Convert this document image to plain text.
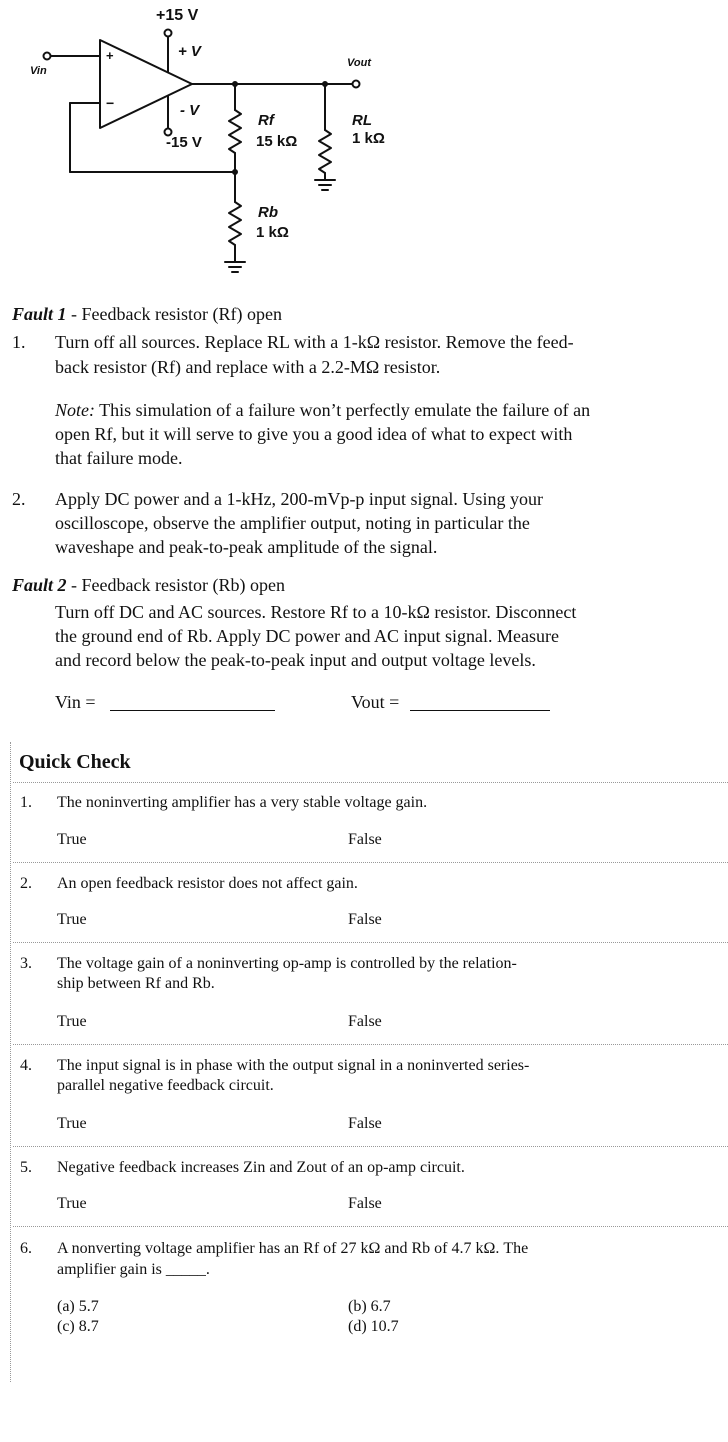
+
−
+15 V
+ V
- V
-15 V
Vin
Vout
Rf
15 kΩ
RL
1 kΩ
Rb
1 kΩ
Fault 1 - Feedback resistor (Rf) open
1. Turn off all sources. Replace RL with a 1-kΩ resistor. Remove the feed-
back resistor (Rf) and replace with a 2.2-MΩ resistor.
Note: This simulation of a failure won’t perfectly emulate the failure of an
open Rf, but it will serve to give you a good idea of what to expect with
that failure mode.
2. Apply DC power and a 1-kHz, 200-mVp-p input signal. Using your
oscilloscope, observe the amplifier output, noting in particular the
waveshape and peak-to-peak amplitude of the signal.
Fault 2 - Feedback resistor (Rb) open
Turn off DC and AC sources. Restore Rf to a 10-kΩ resistor. Disconnect
the ground end of Rb. Apply DC power and AC input signal. Measure
and record below the peak-to-peak input and output voltage levels.
Vin =	Vout =
Quick Check
1. The noninverting amplifier has a very stable voltage gain.
True	False
2. An open feedback resistor does not affect gain.
True	False
3. The voltage gain of a noninverting op-amp is controlled by the relation-
ship between Rf and Rb.
True	False
4. The input signal is in phase with the output signal in a noninverted series-
parallel negative feedback circuit.
True	False
5. Negative feedback increases Zin and Zout of an op-amp circuit.
True	False
6. A nonverting voltage amplifier has an Rf of 27 kΩ and Rb of 4.7 kΩ. The
amplifier gain is _____.
(a) 5.7	(b) 6.7
(c) 8.7	(d) 10.7
